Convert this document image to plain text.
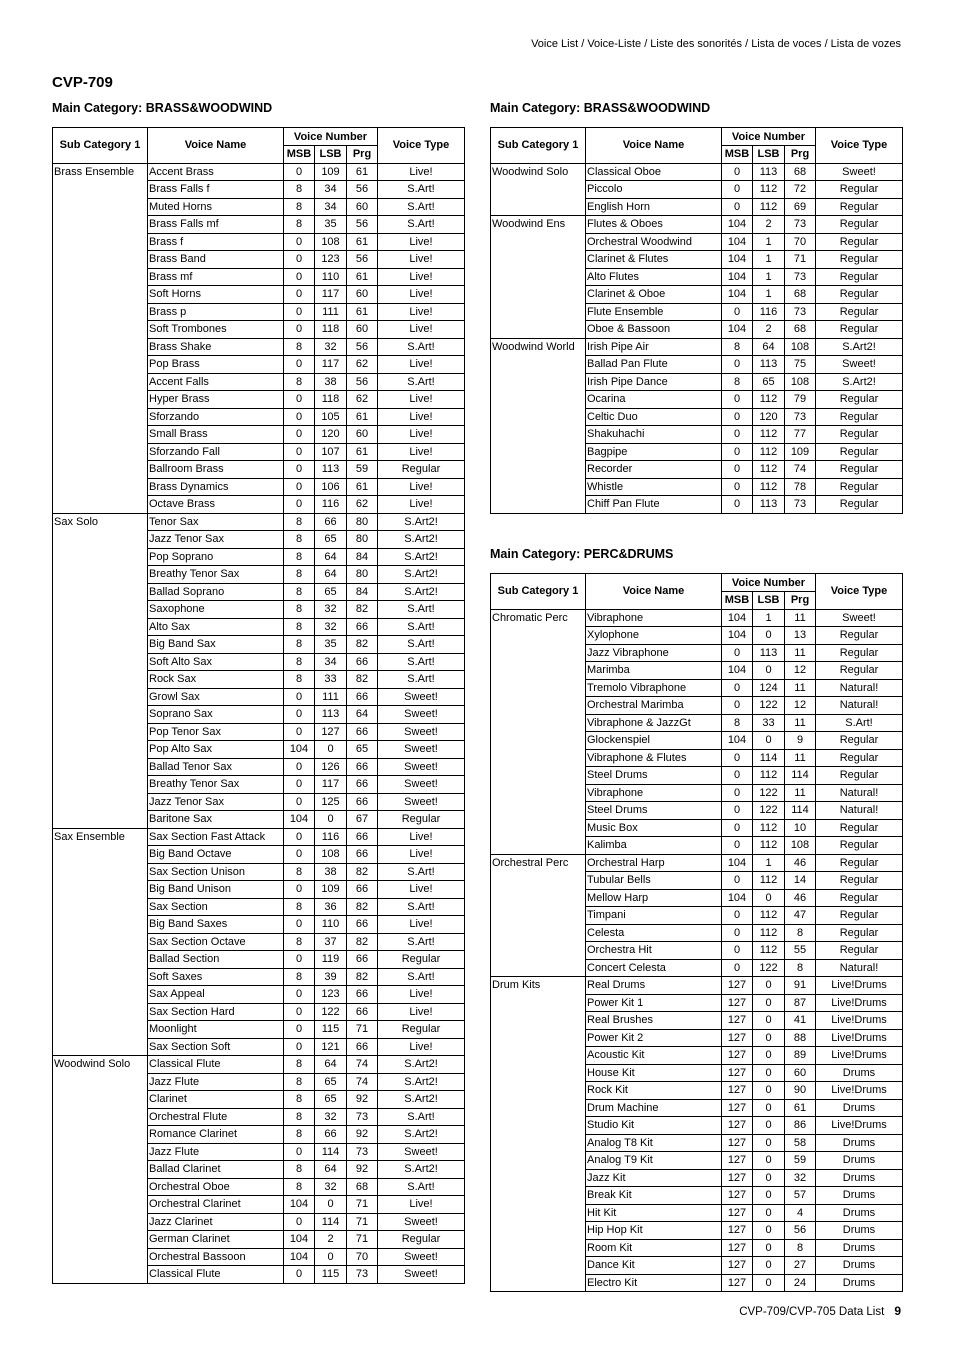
Voice List / Voice-Liste / Liste des sonorités / Lista de voces / Lista de vozes
CVP-709
Main Category: BRASS&WOODWIND
Sub Category 1	Voice Name	Voice Number			Voice Type
		MSB	LSB	Prg	
Brass Ensemble	Accent Brass	0	109	61	Live!
	Brass Falls f	8	34	56	S.Art!
	Muted Horns	8	34	60	S.Art!
	Brass Falls mf	8	35	56	S.Art!
	Brass f	0	108	61	Live!
	Brass Band	0	123	56	Live!
	Brass mf	0	110	61	Live!
	Soft Horns	0	117	60	Live!
	Brass p	0	111	61	Live!
	Soft Trombones	0	118	60	Live!
	Brass Shake	8	32	56	S.Art!
	Pop Brass	0	117	62	Live!
	Accent Falls	8	38	56	S.Art!
	Hyper Brass	0	118	62	Live!
	Sforzando	0	105	61	Live!
	Small Brass	0	120	60	Live!
	Sforzando Fall	0	107	61	Live!
	Ballroom Brass	0	113	59	Regular
	Brass Dynamics	0	106	61	Live!
	Octave Brass	0	116	62	Live!
Sax Solo	Tenor Sax	8	66	80	S.Art2!
	Jazz Tenor Sax	8	65	80	S.Art2!
	Pop Soprano	8	64	84	S.Art2!
	Breathy Tenor Sax	8	64	80	S.Art2!
	Ballad Soprano	8	65	84	S.Art2!
	Saxophone	8	32	82	S.Art!
	Alto Sax	8	32	66	S.Art!
	Big Band Sax	8	35	82	S.Art!
	Soft Alto Sax	8	34	66	S.Art!
	Rock Sax	8	33	82	S.Art!
	Growl Sax	0	111	66	Sweet!
	Soprano Sax	0	113	64	Sweet!
	Pop Tenor Sax	0	127	66	Sweet!
	Pop Alto Sax	104	0	65	Sweet!
	Ballad Tenor Sax	0	126	66	Sweet!
	Breathy Tenor Sax	0	117	66	Sweet!
	Jazz Tenor Sax	0	125	66	Sweet!
	Baritone Sax	104	0	67	Regular
Sax Ensemble	Sax Section Fast Attack	0	116	66	Live!
	Big Band Octave	0	108	66	Live!
	Sax Section Unison	8	38	82	S.Art!
	Big Band Unison	0	109	66	Live!
	Sax Section	8	36	82	S.Art!
	Big Band Saxes	0	110	66	Live!
	Sax Section Octave	8	37	82	S.Art!
	Ballad Section	0	119	66	Regular
	Soft Saxes	8	39	82	S.Art!
	Sax Appeal	0	123	66	Live!
	Sax Section Hard	0	122	66	Live!
	Moonlight	0	115	71	Regular
	Sax Section Soft	0	121	66	Live!
Woodwind Solo	Classical Flute	8	64	74	S.Art2!
	Jazz Flute	8	65	74	S.Art2!
	Clarinet	8	65	92	S.Art2!
	Orchestral Flute	8	32	73	S.Art!
	Romance Clarinet	8	66	92	S.Art2!
	Jazz Flute	0	114	73	Sweet!
	Ballad Clarinet	8	64	92	S.Art2!
	Orchestral Oboe	8	32	68	S.Art!
	Orchestral Clarinet	104	0	71	Live!
	Jazz Clarinet	0	114	71	Sweet!
	German Clarinet	104	2	71	Regular
	Orchestral Bassoon	104	0	70	Sweet!
	Classical Flute	0	115	73	Sweet!
Main Category: BRASS&WOODWIND
Sub Category 1	Voice Name	Voice Number			Voice Type
		MSB	LSB	Prg	
Woodwind Solo	Classical Oboe	0	113	68	Sweet!
	Piccolo	0	112	72	Regular
	English Horn	0	112	69	Regular
Woodwind Ens	Flutes & Oboes	104	2	73	Regular
	Orchestral Woodwind	104	1	70	Regular
	Clarinet & Flutes	104	1	71	Regular
	Alto Flutes	104	1	73	Regular
	Clarinet & Oboe	104	1	68	Regular
	Flute Ensemble	0	116	73	Regular
	Oboe & Bassoon	104	2	68	Regular
Woodwind World	Irish Pipe Air	8	64	108	S.Art2!
	Ballad Pan Flute	0	113	75	Sweet!
	Irish Pipe Dance	8	65	108	S.Art2!
	Ocarina	0	112	79	Regular
	Celtic Duo	0	120	73	Regular
	Shakuhachi	0	112	77	Regular
	Bagpipe	0	112	109	Regular
	Recorder	0	112	74	Regular
	Whistle	0	112	78	Regular
	Chiff Pan Flute	0	113	73	Regular
Main Category: PERC&DRUMS
Sub Category 1	Voice Name	Voice Number			Voice Type
		MSB	LSB	Prg	
Chromatic Perc	Vibraphone	104	1	11	Sweet!
	Xylophone	104	0	13	Regular
	Jazz Vibraphone	0	113	11	Regular
	Marimba	104	0	12	Regular
	Tremolo Vibraphone	0	124	11	Natural!
	Orchestral Marimba	0	122	12	Natural!
	Vibraphone & JazzGt	8	33	11	S.Art!
	Glockenspiel	104	0	9	Regular
	Vibraphone & Flutes	0	114	11	Regular
	Steel Drums	0	112	114	Regular
	Vibraphone	0	122	11	Natural!
	Steel Drums	0	122	114	Natural!
	Music Box	0	112	10	Regular
	Kalimba	0	112	108	Regular
Orchestral Perc	Orchestral Harp	104	1	46	Regular
	Tubular Bells	0	112	14	Regular
	Mellow Harp	104	0	46	Regular
	Timpani	0	112	47	Regular
	Celesta	0	112	8	Regular
	Orchestra Hit	0	112	55	Regular
	Concert Celesta	0	122	8	Natural!
Drum Kits	Real Drums	127	0	91	Live!Drums
	Power Kit 1	127	0	87	Live!Drums
	Real Brushes	127	0	41	Live!Drums
	Power Kit 2	127	0	88	Live!Drums
	Acoustic Kit	127	0	89	Live!Drums
	House Kit	127	0	60	Drums
	Rock Kit	127	0	90	Live!Drums
	Drum Machine	127	0	61	Drums
	Studio Kit	127	0	86	Live!Drums
	Analog T8 Kit	127	0	58	Drums
	Analog T9 Kit	127	0	59	Drums
	Jazz Kit	127	0	32	Drums
	Break Kit	127	0	57	Drums
	Hit Kit	127	0	4	Drums
	Hip Hop Kit	127	0	56	Drums
	Room Kit	127	0	8	Drums
	Dance Kit	127	0	27	Drums
	Electro Kit	127	0	24	Drums
CVP-709/CVP-705 Data List 9
